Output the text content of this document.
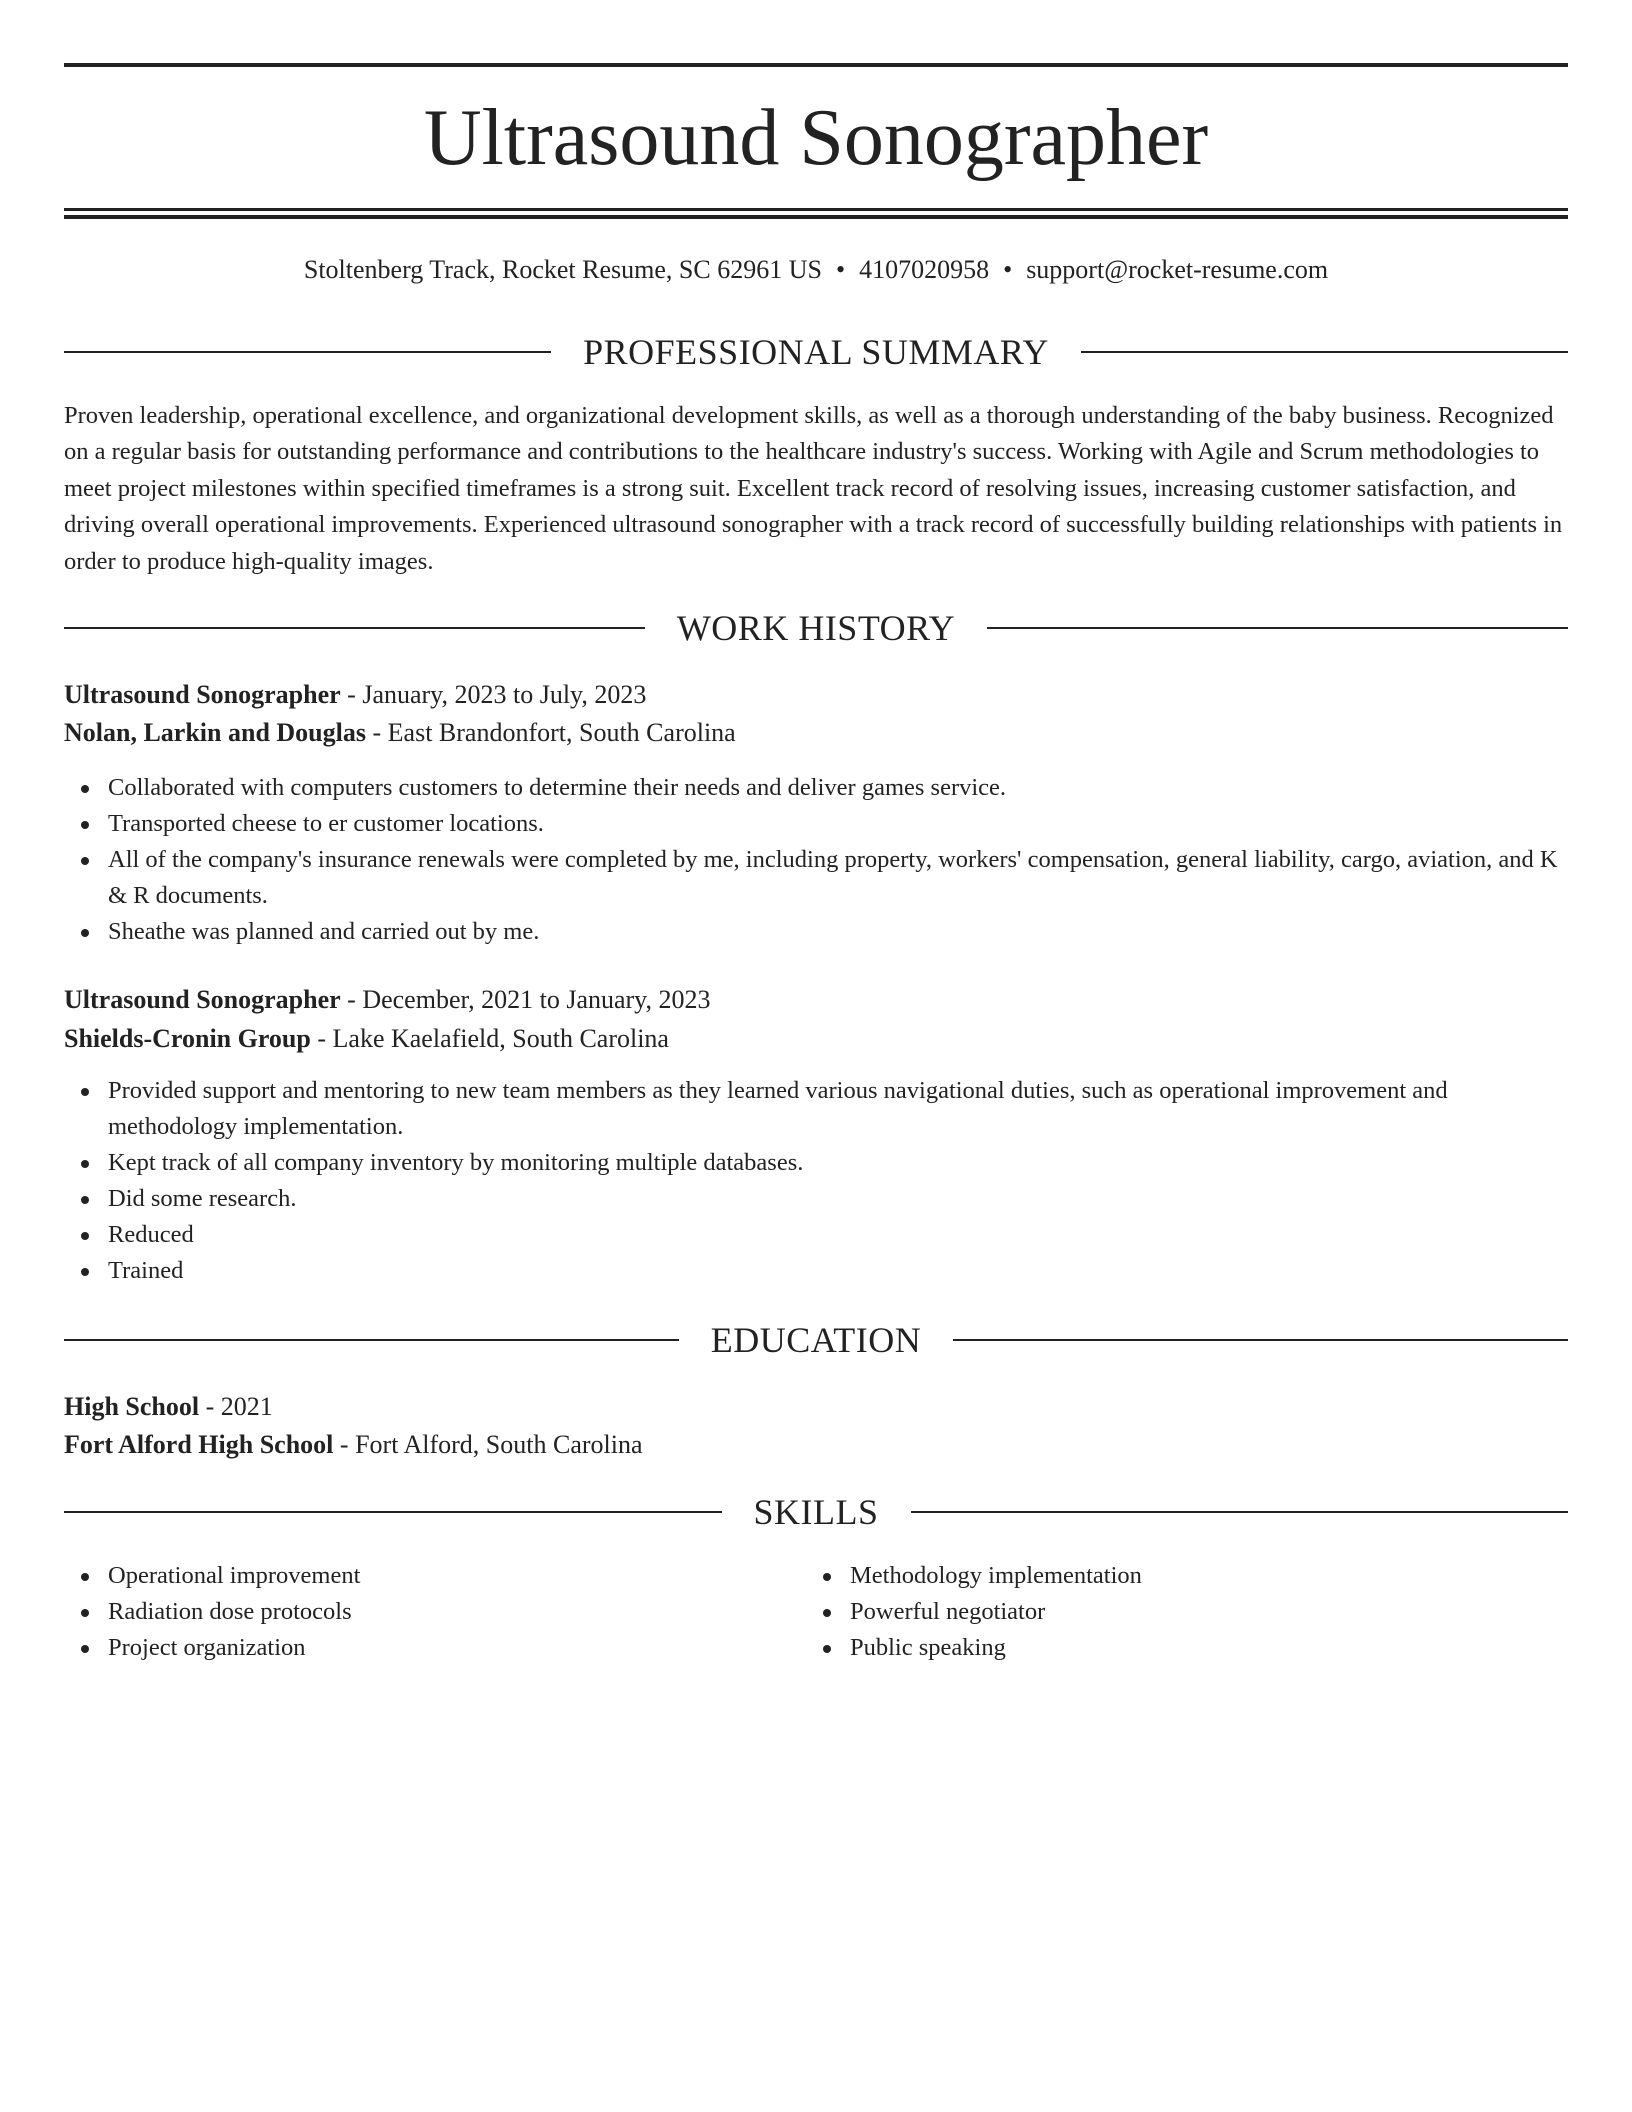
Ultrasound Sonographer
Stoltenberg Track, Rocket Resume, SC 62961 US • 4107020958 • support@rocket-resume.com
PROFESSIONAL SUMMARY

Proven leadership, operational excellence, and organizational development skills, as well as a thorough understanding of the baby business. Recognized on a regular basis for outstanding performance and contributions to the healthcare industry's success. Working with Agile and Scrum methodologies to meet project milestones within specified timeframes is a strong suit. Excellent track record of resolving issues, increasing customer satisfaction, and driving overall operational improvements. Experienced ultrasound sonographer with a track record of successfully building relationships with patients in order to produce high-quality images.

WORK HISTORY
Ultrasound Sonographer - January, 2023 to July, 2023
Nolan, Larkin and Douglas - East Brandonfort, South Carolina
Collaborated with computers customers to determine their needs and deliver games service.
Transported cheese to er customer locations.
All of the company's insurance renewals were completed by me, including property, workers' compensation, general liability, cargo, aviation, and K & R documents.
Sheathe was planned and carried out by me.
Ultrasound Sonographer - December, 2021 to January, 2023
Shields-Cronin Group - Lake Kaelafield, South Carolina
Provided support and mentoring to new team members as they learned various navigational duties, such as operational improvement and methodology implementation.
Kept track of all company inventory by monitoring multiple databases.
Did some research.
Reduced
Trained
EDUCATION
High School - 2021
Fort Alford High School - Fort Alford, South Carolina
SKILLS
Operational improvement
Radiation dose protocols
Project organization
Methodology implementation
Powerful negotiator
Public speaking
